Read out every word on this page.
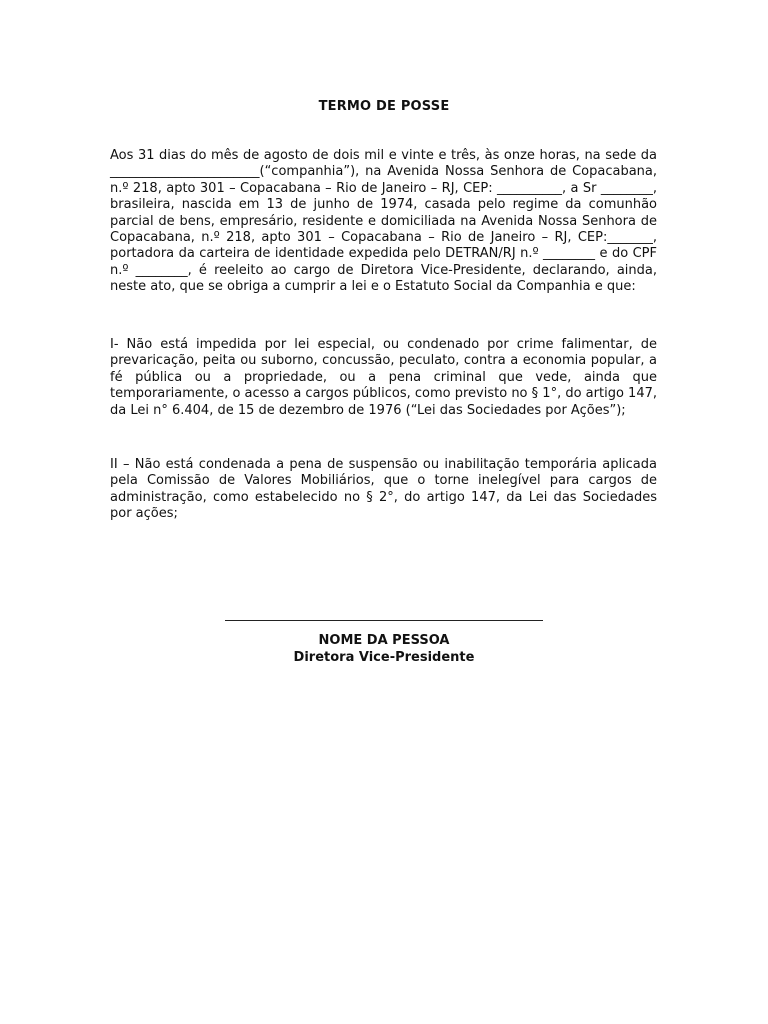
TERMO DE POSSE

Aos 31 dias do mês de agosto de dois mil e vinte e três, às onze horas, na sede da _______________________(“companhia”), na Avenida Nossa Senhora de Copacabana, n.º 218, apto 301 – Copacabana – Rio de Janeiro – RJ, CEP: __________, a Sr ________, brasileira, nascida em 13 de junho de 1974, casada pelo regime da comunhão parcial de bens, empresário, residente e domiciliada na Avenida Nossa Senhora de Copacabana, n.º 218, apto 301 – Copacabana – Rio de Janeiro – RJ, CEP:_______, portadora da carteira de identidade expedida pelo DETRAN/RJ n.º ________ e do CPF n.º ________, é reeleito ao cargo de Diretora Vice-Presidente, declarando, ainda, neste ato, que se obriga a cumprir a lei e o Estatuto Social da Companhia e que:

I- Não está impedida por lei especial, ou condenado por crime falimentar, de prevaricação, peita ou suborno, concussão, peculato, contra a economia popular, a fé pública ou a propriedade, ou a pena criminal que vede, ainda que temporariamente, o acesso a cargos públicos, como previsto no § 1°, do artigo 147, da Lei n° 6.404, de 15 de dezembro de 1976 (“Lei das Sociedades por Ações”);

II – Não está condenada a pena de suspensão ou inabilitação temporária aplicada pela Comissão de Valores Mobiliários, que o torne inelegível para cargos de administração, como estabelecido no § 2°, do artigo 147, da Lei das Sociedades por ações;

NOME DA PESSOA
Diretora Vice-Presidente
